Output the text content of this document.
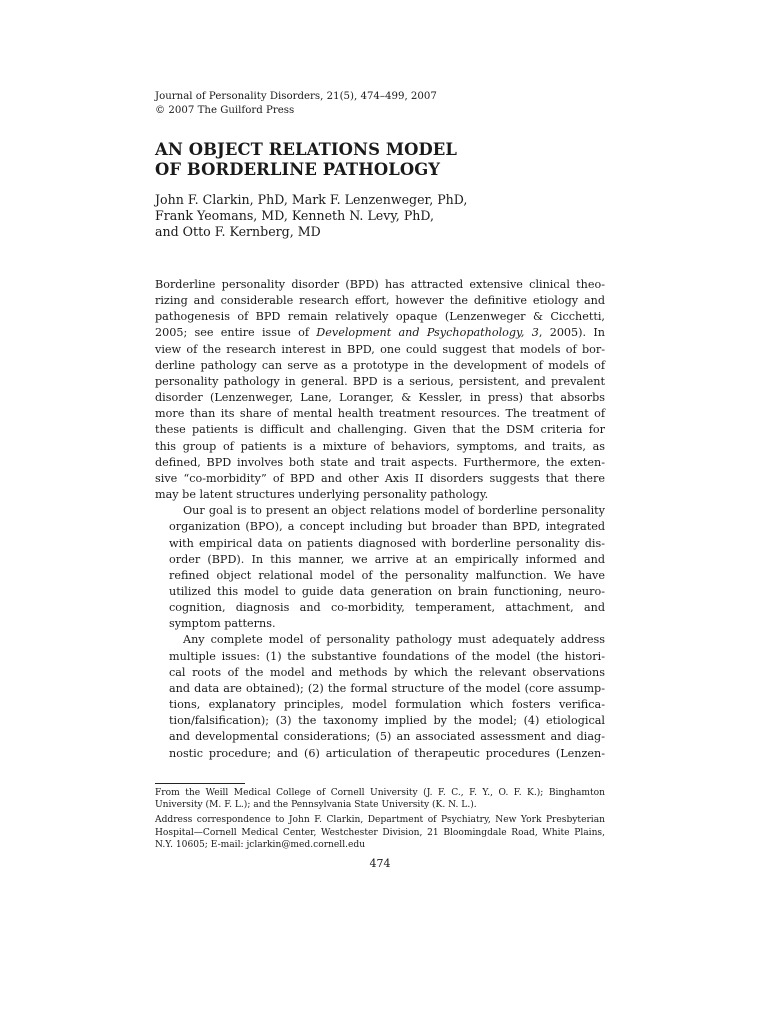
Journal of Personality Disorders, 21(5), 474–499, 2007
© 2007 The Guilford Press
AN OBJECT RELATIONS MODEL
OF BORDERLINE PATHOLOGY
John F. Clarkin, PhD, Mark F. Lenzenweger, PhD,
Frank Yeomans, MD, Kenneth N. Levy, PhD,
and Otto F. Kernberg, MD

Borderline personality disorder (BPD) has attracted extensive clinical theo-
rizing and considerable research effort, however the definitive etiology and
pathogenesis of BPD remain relatively opaque (Lenzenweger & Cicchetti,
2005; see entire issue of Development and Psychopathology, 3, 2005). In
view of the research interest in BPD, one could suggest that models of bor-
derline pathology can serve as a prototype in the development of models of
personality pathology in general. BPD is a serious, persistent, and prevalent
disorder (Lenzenweger, Lane, Loranger, & Kessler, in press) that absorbs
more than its share of mental health treatment resources. The treatment of
these patients is difficult and challenging. Given that the DSM criteria for
this group of patients is a mixture of behaviors, symptoms, and traits, as
defined, BPD involves both state and trait aspects. Furthermore, the exten-
sive “co-morbidity” of BPD and other Axis II disorders suggests that there
may be latent structures underlying personality pathology.

Our goal is to present an object relations model of borderline personality
organization (BPO), a concept including but broader than BPD, integrated
with empirical data on patients diagnosed with borderline personality dis-
order (BPD). In this manner, we arrive at an empirically informed and
refined object relational model of the personality malfunction. We have
utilized this model to guide data generation on brain functioning, neuro-
cognition, diagnosis and co-morbidity, temperament, attachment, and
symptom patterns.

Any complete model of personality pathology must adequately address
multiple issues: (1) the substantive foundations of the model (the histori-
cal roots of the model and methods by which the relevant observations
and data are obtained); (2) the formal structure of the model (core assump-
tions, explanatory principles, model formulation which fosters verifica-
tion/falsification); (3) the taxonomy implied by the model; (4) etiological
and developmental considerations; (5) an associated assessment and diag-
nostic procedure; and (6) articulation of therapeutic procedures (Lenzen-

From the Weill Medical College of Cornell University (J. F. C., F. Y., O. F. K.); Binghamton University (M. F. L.); and the Pennsylvania State University (K. N. L.).

Address correspondence to John F. Clarkin, Department of Psychiatry, New York Presbyterian Hospital—Cornell Medical Center, Westchester Division, 21 Bloomingdale Road, White Plains, N.Y. 10605; E-mail: jclarkin@med.cornell.edu

474
